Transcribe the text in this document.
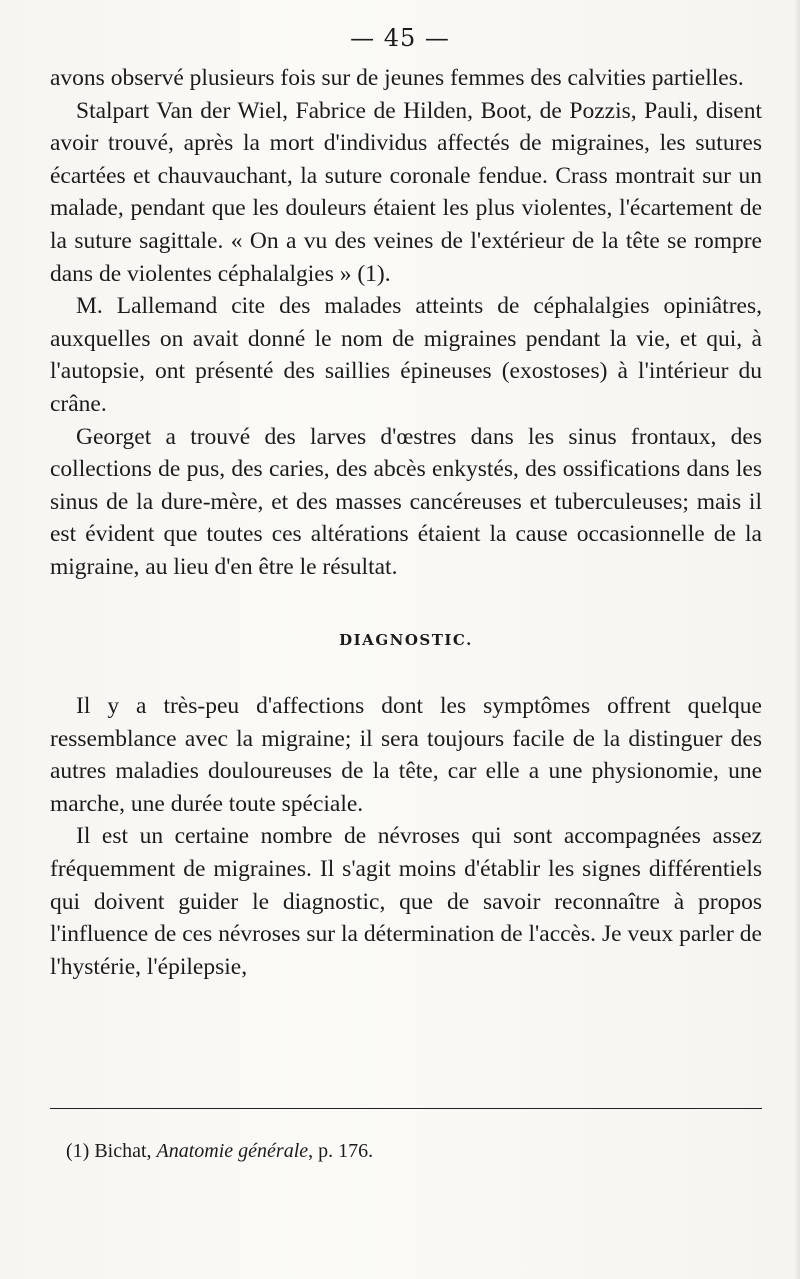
— 45 —

avons observé plusieurs fois sur de jeunes femmes des calvities partielles.

Stalpart Van der Wiel, Fabrice de Hilden, Boot, de Pozzis, Pauli, disent avoir trouvé, après la mort d'individus affectés de migraines, les sutures écartées et chauvauchant, la suture coronale fendue. Crass montrait sur un malade, pendant que les douleurs étaient les plus violentes, l'écartement de la suture sagittale. « On a vu des veines de l'extérieur de la tête se rompre dans de violentes céphalalgies » (1).

M. Lallemand cite des malades atteints de céphalalgies opiniâtres, auxquelles on avait donné le nom de migraines pendant la vie, et qui, à l'autopsie, ont présenté des saillies épineuses (exostoses) à l'intérieur du crâne.

Georget a trouvé des larves d'œstres dans les sinus frontaux, des collections de pus, des caries, des abcès enkystés, des ossifications dans les sinus de la dure-mère, et des masses cancéreuses et tuberculeuses; mais il est évident que toutes ces altérations étaient la cause occasionnelle de la migraine, au lieu d'en être le résultat.

DIAGNOSTIC.

Il y a très-peu d'affections dont les symptômes offrent quelque ressemblance avec la migraine; il sera toujours facile de la distinguer des autres maladies douloureuses de la tête, car elle a une physionomie, une marche, une durée toute spéciale.

Il est un certaine nombre de névroses qui sont accompagnées assez fréquemment de migraines. Il s'agit moins d'établir les signes différentiels qui doivent guider le diagnostic, que de savoir reconnaître à propos l'influence de ces névroses sur la détermination de l'accès. Je veux parler de l'hystérie, l'épilepsie,

(1) Bichat, Anatomie générale, p. 176.
